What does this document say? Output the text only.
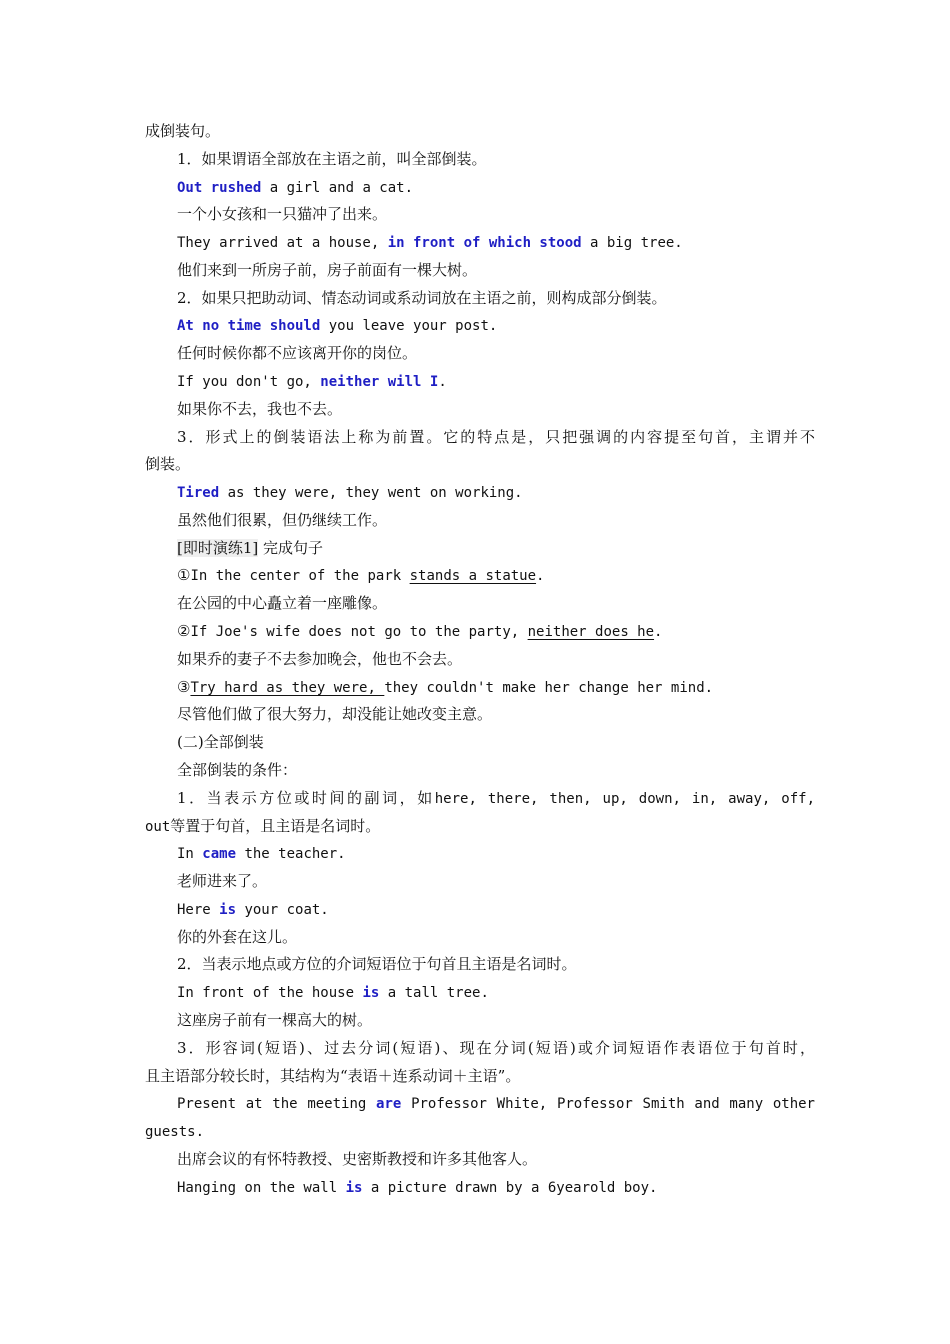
成倒装句。
1．如果谓语全部放在主语之前，叫全部倒装。
Out rushed a girl and a cat.
一个小女孩和一只猫冲了出来。
They arrived at a house, in front of which stood a big tree.
他们来到一所房子前，房子前面有一棵大树。
2．如果只把助动词、情态动词或系动词放在主语之前，则构成部分倒装。
At no time should you leave your post.
任何时候你都不应该离开你的岗位。
If you don't go, neither will I.
如果你不去，我也不去。
3．形式上的倒装语法上称为前置。它的特点是，只把强调的内容提至句首，主谓并不
倒装。
Tired as they were, they went on working.
虽然他们很累，但仍继续工作。
[即时演练1] 完成句子
①In the center of the park stands a statue.
在公园的中心矗立着一座雕像。
②If Joe's wife does not go to the party, neither does he.
如果乔的妻子不去参加晚会，他也不会去。
③Try hard as they were, they couldn't make her change her mind.
尽管他们做了很大努力，却没能让她改变主意。
(二)全部倒装
全部倒装的条件：
1．当表示方位或时间的副词，如here, there, then, up, down, in, away, off,
out等置于句首，且主语是名词时。
In came the teacher.
老师进来了。
Here is your coat.
你的外套在这儿。
2．当表示地点或方位的介词短语位于句首且主语是名词时。
In front of the house is a tall tree.
这座房子前有一棵高大的树。
3．形容词(短语)、过去分词(短语)、现在分词(短语)或介词短语作表语位于句首时，
且主语部分较长时，其结构为“表语＋连系动词＋主语”。
Present at the meeting are Professor White, Professor Smith and many other
guests.
出席会议的有怀特教授、史密斯教授和许多其他客人。
Hanging on the wall is a picture drawn by a 6yearold boy.
